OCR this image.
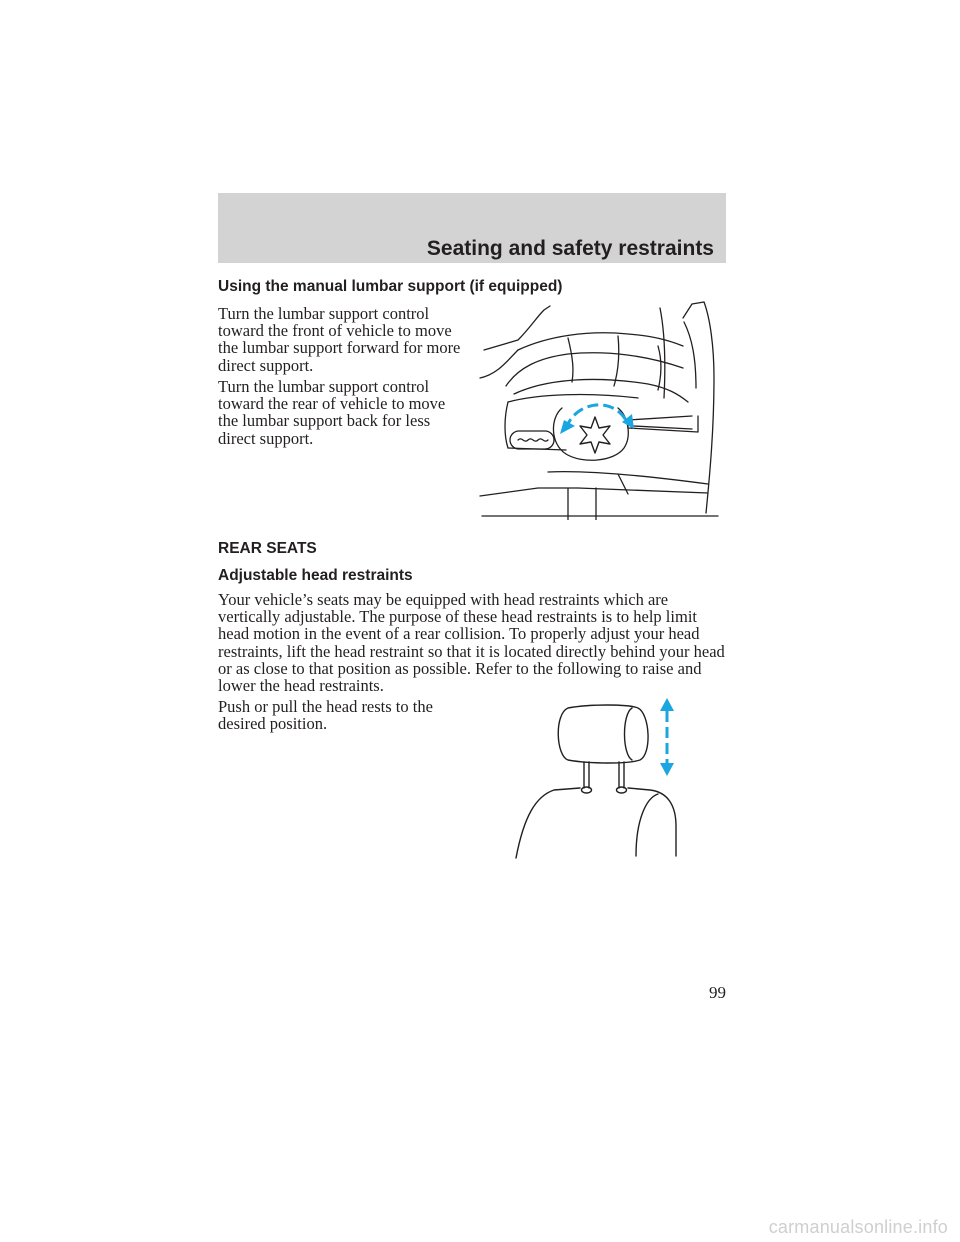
Seating and safety restraints
Using the manual lumbar support (if equipped)

Turn the lumbar support control toward the front of vehicle to move the lumbar support forward for more direct support.

Turn the lumbar support control toward the rear of vehicle to move the lumbar support back for less direct support.

REAR SEATS
Adjustable head restraints

Your vehicle’s seats may be equipped with head restraints which are vertically adjustable. The purpose of these head restraints is to help limit head motion in the event of a rear collision. To properly adjust your head restraints, lift the head restraint so that it is located directly behind your head or as close to that position as possible. Refer to the following to raise and lower the head restraints.

Push or pull the head rests to the desired position.

99
carmanualsonline.info
